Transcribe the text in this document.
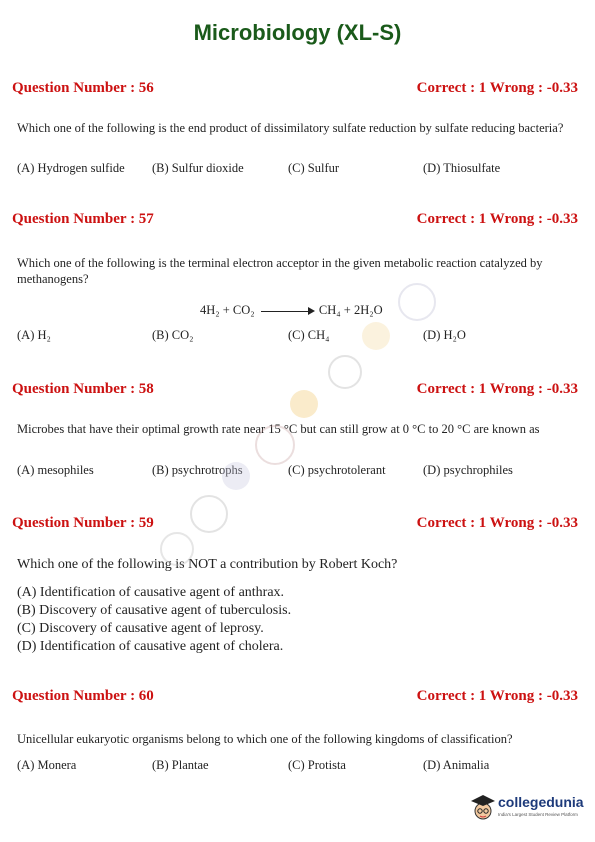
Microbiology (XL-S)
Question Number : 56	Correct : 1 Wrong : -0.33
Which one of the following is the end product of dissimilatory sulfate reduction by sulfate reducing bacteria?
(A) Hydrogen sulfide (B) Sulfur dioxide	(C) Sulfur	(D) Thiosulfate
Question Number : 57	Correct : 1 Wrong : -0.33
Which one of the following is the terminal electron acceptor in the given metabolic reaction catalyzed by methanogens?
4H₂ + CO₂	CH₄ + 2H₂O
(A) H₂	(B) CO₂	(C) CH₄	(D) H₂O
Question Number : 58	Correct : 1 Wrong : -0.33
Microbes that have their optimal growth rate near 15 °C but can still grow at 0 °C to 20 °C are known as
(A) mesophiles	(B) psychrotrophs	(C) psychrotolerant	(D) psychrophiles
Question Number : 59	Correct : 1 Wrong : -0.33
Which one of the following is NOT a contribution by Robert Koch?
(A) Identification of causative agent of anthrax.
(B) Discovery of causative agent of tuberculosis.
(C) Discovery of causative agent of leprosy.
(D) Identification of causative agent of cholera.
Question Number : 60	Correct : 1 Wrong : -0.33
Unicellular eukaryotic organisms belong to which one of the following kingdoms of classification?
(A) Monera	(B) Plantae	(C) Protista	(D) Animalia
collegedunia
India's Largest Student Review Platform
